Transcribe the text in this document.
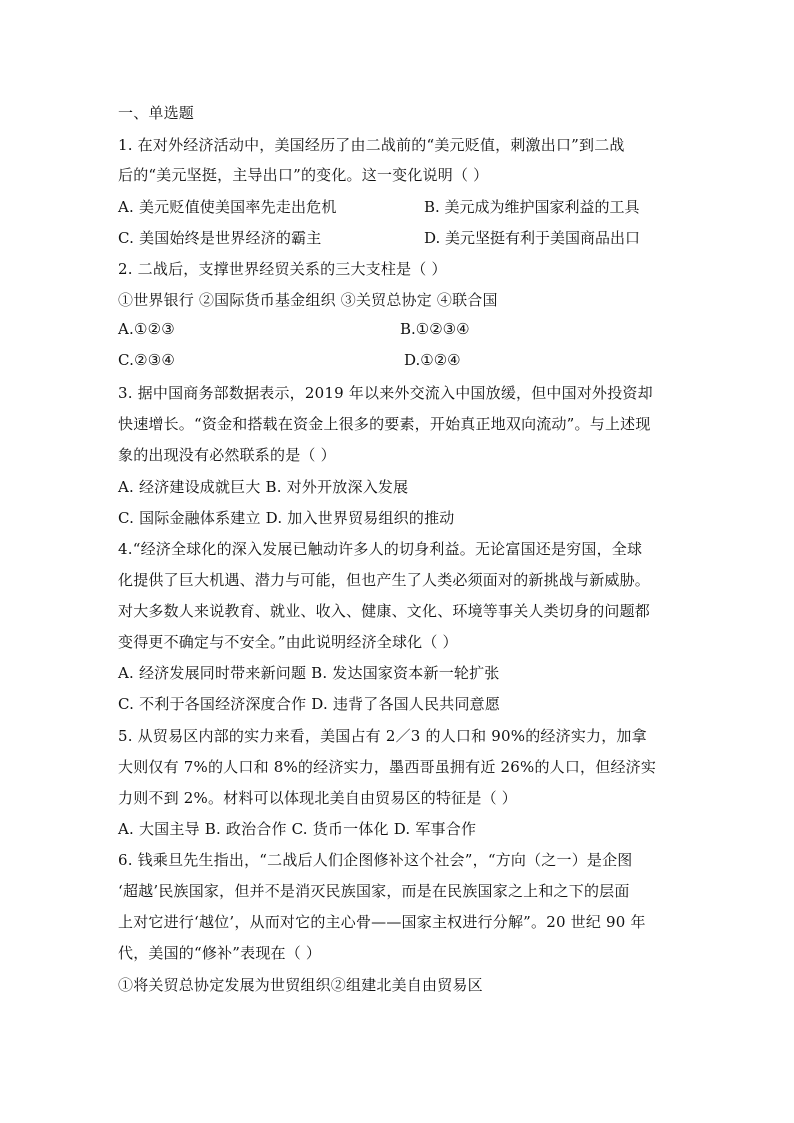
一、单选题
1. 在对外经济活动中，美国经历了由二战前的“美元贬值，刺激出口”到二战
后的“美元坚挺，主导出口”的变化。这一变化说明（ ）
A. 美元贬值使美国率先走出危机	B. 美元成为维护国家利益的工具
C. 美国始终是世界经济的霸主	D. 美元坚挺有利于美国商品出口
2. 二战后，支撑世界经贸关系的三大支柱是（ ）
①世界银行 ②国际货币基金组织 ③关贸总协定 ④联合国
A.①②③	B.①②③④
C.②③④	D.①②④
3. 据中国商务部数据表示，2019 年以来外交流入中国放缓，但中国对外投资却
快速增长。“资金和搭载在资金上很多的要素，开始真正地双向流动”。与上述现
象的出现没有必然联系的是（ ）
A. 经济建设成就巨大 B. 对外开放深入发展
C. 国际金融体系建立 D. 加入世界贸易组织的推动
4.“经济全球化的深入发展已触动许多人的切身利益。无论富国还是穷国，全球
化提供了巨大机遇、潜力与可能，但也产生了人类必须面对的新挑战与新威胁。
对大多数人来说教育、就业、收入、健康、文化、环境等事关人类切身的问题都
变得更不确定与不安全。”由此说明经济全球化（ ）
A. 经济发展同时带来新问题 B. 发达国家资本新一轮扩张
C. 不利于各国经济深度合作 D. 违背了各国人民共同意愿
5. 从贸易区内部的实力来看，美国占有 2／3 的人口和 90%的经济实力，加拿
大则仅有 7%的人口和 8%的经济实力，墨西哥虽拥有近 26%的人口，但经济实
力则不到 2%。材料可以体现北美自由贸易区的特征是（ ）
A. 大国主导 B. 政治合作 C. 货币一体化 D. 军事合作
6. 钱乘旦先生指出，“二战后人们企图修补这个社会”，“方向（之一）是企图
‘超越’民族国家，但并不是消灭民族国家，而是在民族国家之上和之下的层面
上对它进行‘越位’，从而对它的主心骨——国家主权进行分解”。20 世纪 90 年
代，美国的“修补”表现在（ ）
①将关贸总协定发展为世贸组织②组建北美自由贸易区
